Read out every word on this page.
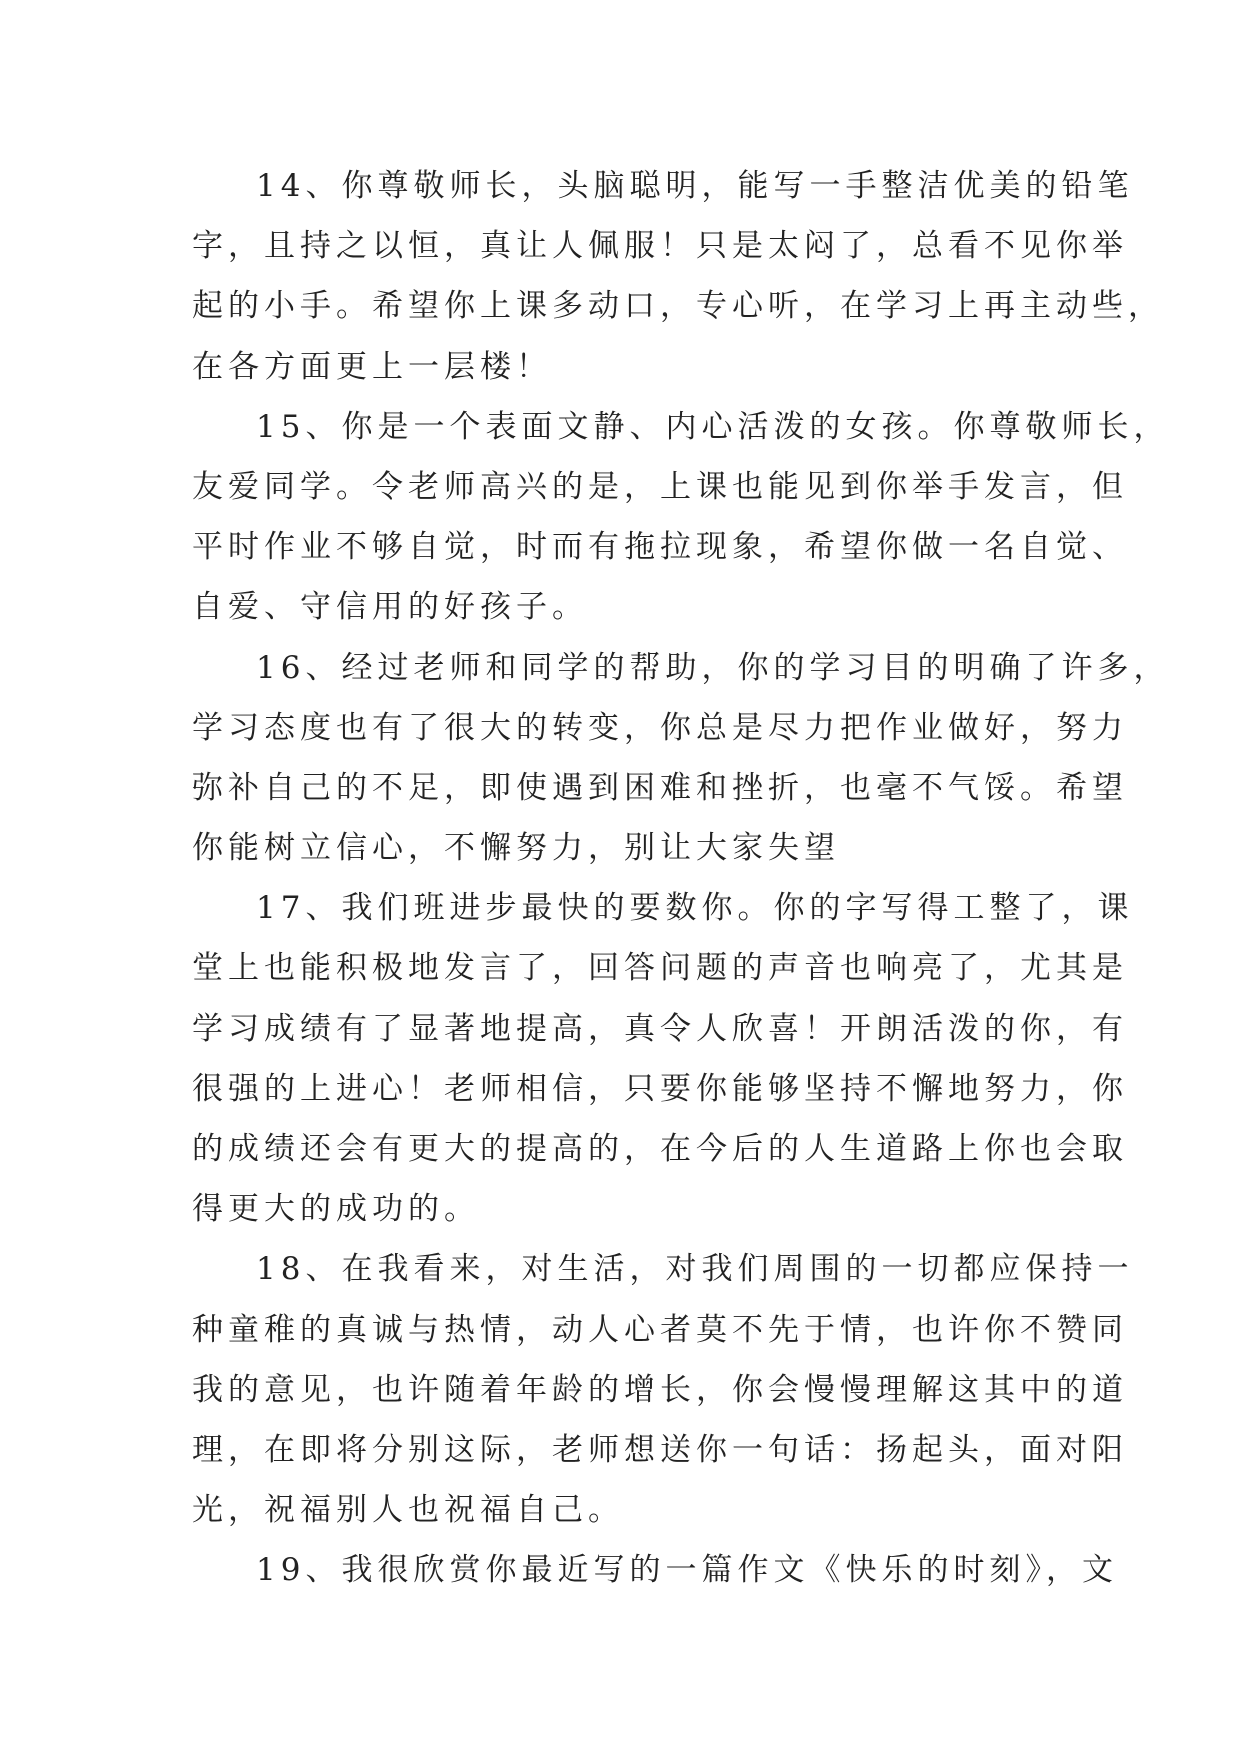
14、你尊敬师长，头脑聪明，能写一手整洁优美的铅笔
字，且持之以恒，真让人佩服！只是太闷了，总看不见你举
起的小手。希望你上课多动口，专心听，在学习上再主动些，
在各方面更上一层楼！
15、你是一个表面文静、内心活泼的女孩。你尊敬师长，
友爱同学。令老师高兴的是，上课也能见到你举手发言，但
平时作业不够自觉，时而有拖拉现象，希望你做一名自觉、
自爱、守信用的好孩子。
16、经过老师和同学的帮助，你的学习目的明确了许多，
学习态度也有了很大的转变，你总是尽力把作业做好，努力
弥补自己的不足，即使遇到困难和挫折，也毫不气馁。希望
你能树立信心，不懈努力，别让大家失望
17、我们班进步最快的要数你。你的字写得工整了，课
堂上也能积极地发言了，回答问题的声音也响亮了，尤其是
学习成绩有了显著地提高，真令人欣喜！开朗活泼的你，有
很强的上进心！老师相信，只要你能够坚持不懈地努力，你
的成绩还会有更大的提高的，在今后的人生道路上你也会取
得更大的成功的。
18、在我看来，对生活，对我们周围的一切都应保持一
种童稚的真诚与热情，动人心者莫不先于情，也许你不赞同
我的意见，也许随着年龄的增长，你会慢慢理解这其中的道
理，在即将分别这际，老师想送你一句话：扬起头，面对阳
光，祝福别人也祝福自己。
19、我很欣赏你最近写的一篇作文《快乐的时刻》，文
